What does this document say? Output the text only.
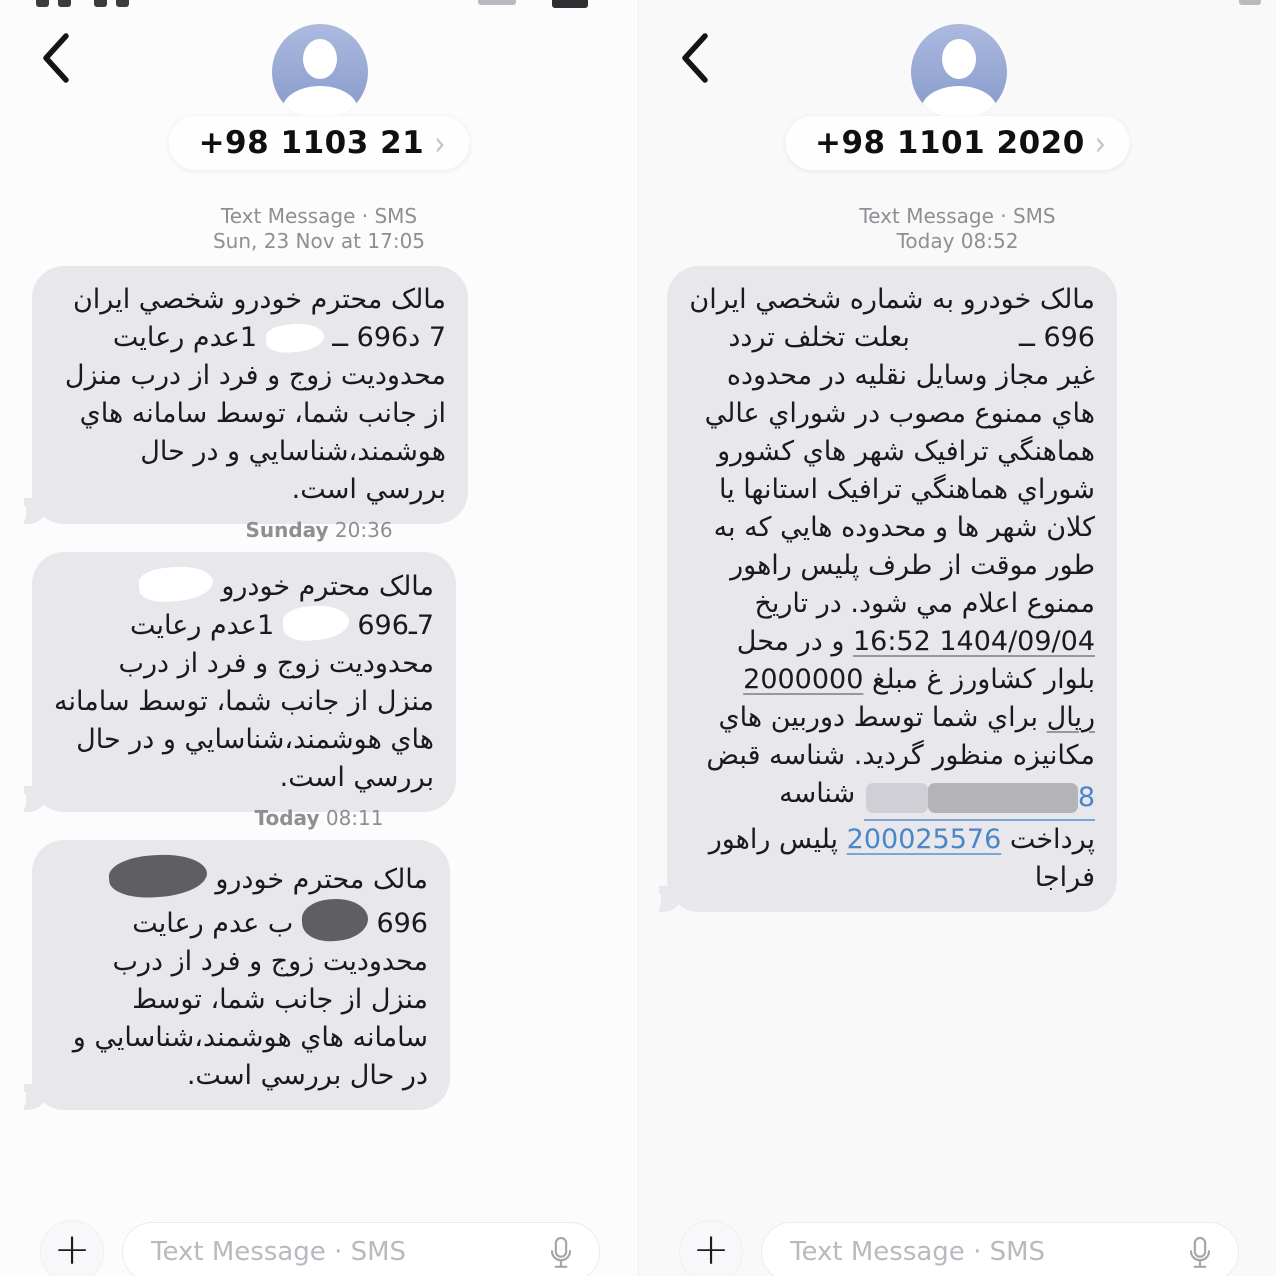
+98 1103 21 ›
Text Message · SMS
Sun, 23 Nov at 17:05
مالک محترم خودرو شخصي ايران 7 د696 ــ  1عدم رعايت محدوديت زوج و فرد از درب منزل از جانب شما، توسط سامانه هاي هوشمند،شناسايي و در حال بررسي است.
Sunday 20:36
مالک محترم خودرو  7ـ696  1عدم رعايت محدوديت زوج و فرد از درب منزل از جانب شما، توسط سامانه هاي هوشمند،شناسايي و در حال بررسي است.
Today 08:11
مالک محترم خودرو  696  ب عدم رعايت محدوديت زوج و فرد از درب منزل از جانب شما، توسط سامانه هاي هوشمند،شناسايي و در حال بررسي است.
+
Text Message · SMS
+98 1101 2020 ›
Text Message · SMS
Today 08:52
مالک خودرو به شماره شخصي ايران 696 ــ  بعلت تخلف تردد غير مجاز وسايل نقليه در محدوده هاي ممنوع مصوب در شوراي عالي هماهنگي ترافيک شهر هاي کشورو شوراي هماهنگي ترافيک استانها يا كلان شهر ها و محدوده هايي که به طور موقت از طرف پليس راهور ممنوع اعلام مي شود. در تاريخ 1404/09/04 16:52 و در محل بلوار كشاورز غ مبلغ 2000000 ريال براي شما توسط دوربين هاي مكانيزه منظور گرديد. شناسه قبض
8
شناسه پرداخت 200025576 پليس راهور فراجا
+
Text Message · SMS
